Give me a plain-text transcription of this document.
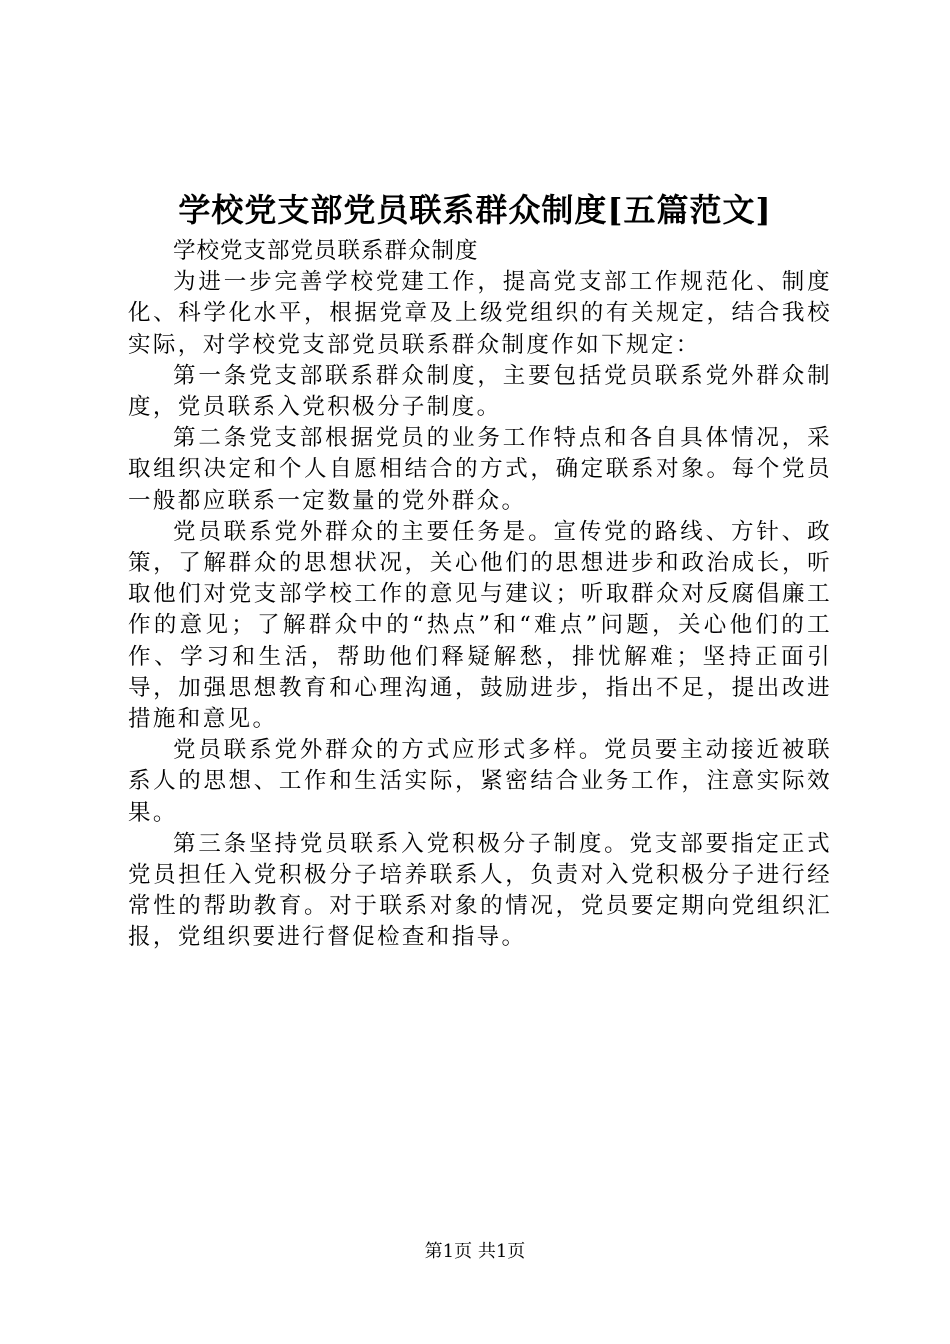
学校党支部党员联系群众制度[五篇范文]

学校党支部党员联系群众制度

为进一步完善学校党建工作，提高党支部工作规范化、制度化、科学化水平，根据党章及上级党组织的有关规定，结合我校实际，对学校党支部党员联系群众制度作如下规定：

第一条党支部联系群众制度，主要包括党员联系党外群众制度，党员联系入党积极分子制度。

第二条党支部根据党员的业务工作特点和各自具体情况，采取组织决定和个人自愿相结合的方式，确定联系对象。每个党员一般都应联系一定数量的党外群众。

党员联系党外群众的主要任务是。宣传党的路线、方针、政策，了解群众的思想状况，关心他们的思想进步和政治成长，听取他们对党支部学校工作的意见与建议；听取群众对反腐倡廉工作的意见；了解群众中的“热点”和“难点”问题，关心他们的工作、学习和生活，帮助他们释疑解愁，排忧解难；坚持正面引导，加强思想教育和心理沟通，鼓励进步，指出不足，提出改进措施和意见。

党员联系党外群众的方式应形式多样。党员要主动接近被联系人的思想、工作和生活实际，紧密结合业务工作，注意实际效果。

第三条坚持党员联系入党积极分子制度。党支部要指定正式党员担任入党积极分子培养联系人，负责对入党积极分子进行经常性的帮助教育。对于联系对象的情况，党员要定期向党组织汇报，党组织要进行督促检查和指导。

第1页 共1页
